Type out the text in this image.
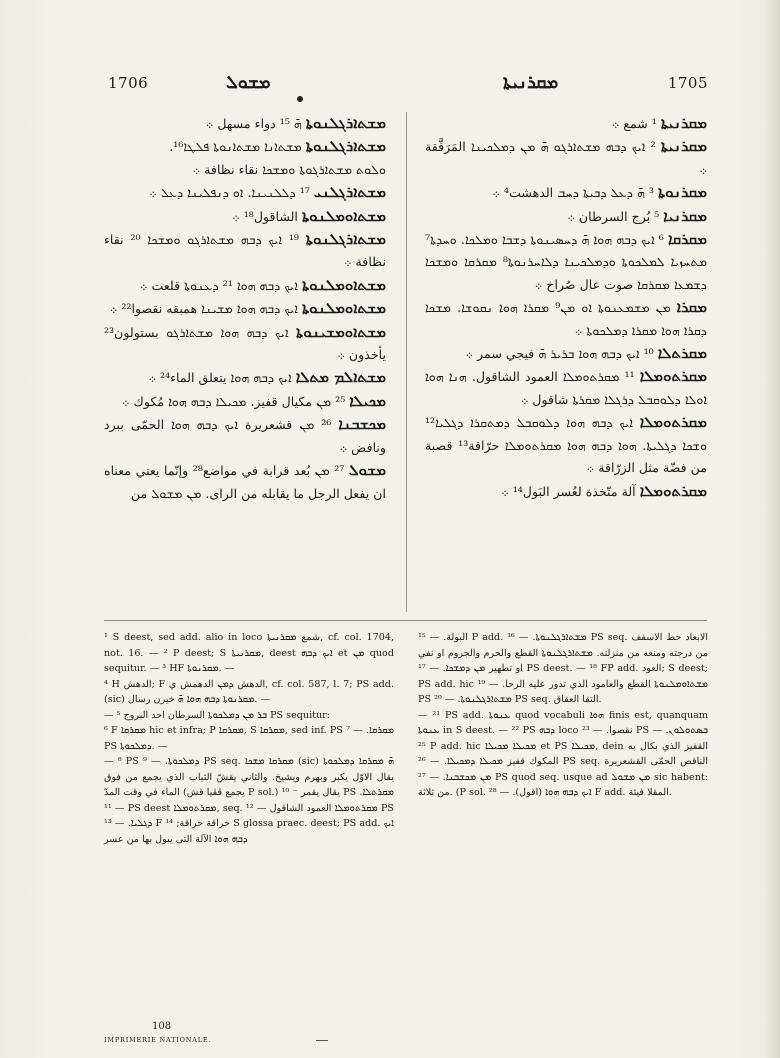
1706	ܡܫܘܠ	ܡܩܪܢܝܬܐ	1705

ܡܫܬܐܪܓܠܢܘܬܐ ܗ̄ ¹⁵ دواء مسهل ܀

ܡܫܬܐܪܓܠܢܘܬܐ ܡܫܬܐܢܐ ܡܫܬܐܢܘܬܐ ܦܠܛܐ¹⁶.

ܘܠܘܬ ܡܫܬܐܪܓܘܬܐ ܘܡܫܟܐ نقاء نظافة ܀

ܡܫܬܐܪܓܠܢܝ ¹⁷ ܕܠܠܢܝܢܐ. ܐܘ ܕܢܦܠܝܢܐ ܕܥܠ ܀

ܡܫܬܐܘܡܠܢܘܬܐ الشاقول¹⁸ ܀

ܡܫܬܐܪܓܠܢܘܬܐ ¹⁹ ܐܝܟ ܕܒܗ ܡܫܬܐܪܓܘ ܘܡܫܟܐ ²⁰ نقاء نظافة ܀

ܡܫܬܐܘܡܠܢܘܬܐ ܐܝܟ ܕܒܗ ܗܘܐ ²¹ ܕܥܢܘܬܐ قلعت ܀

ܡܫܬܐܘܡܠܢܘܬܐ ܐܝܟ ܕܒܗ ܗܘܐ ܡܫܝܢܐ همبقه نقصوا²² ܀

ܡܫܬܐܘܡܫܝܢܘܬܐ ܐܝܟ ܕܒܗ ܗܘܐ ܡܫܬܐܪܓܘ بستولون²³ يأخذون ܀

ܡܫܬܐܠܡ ܡܬܠܐ ܐܝܟ ܕܒܗ ܗܘܐ يتعلق الماء²⁴ ܀

ܡܟܝܠܐ ²⁵ ܡܢ مكيال قفيز. ܡܟܝܠܐ ܕܒܗ ܗܘܐ مُكوك ܀

ܡܟܫܒܢܐ ²⁶ ܡܢ قشعريرة ܐܝܟ ܕܒܗ ܗܘܐ الحمّى ببرد ونافض ܀

ܡܫܘܠ ²⁷ ܡܢ بُعد قرابة في مواضع²⁸ وإنّما يعني معناه ان يفعل الرجل ما يقابله من الراى. ܡܢ ܡܫܘܠ من

ܡܩܪܢܝܬܐ ¹ شمع ܀

ܡܩܪܢܝܬܐ ² ܐܝܟ ܕܒܗ ܡܫܬܐܪܓܘ ܗ̄ ܡܢ ܕܡܠܟܝܢܐ المَرَفَّقة ܀

ܡܩܪܢܘܬܐ ³ ܗ̄ ܕܥܠ ܕܒܝܬܐ ܕܚܒ الدهشت⁴ ܀

ܡܩܪܢܝܐ ⁵ بُرج السرطان ܀

ܡܩܪܩܐ ⁶ ܐܝܟ ܕܒܗ ܗܘܐ ܗ̄ ܕܚܣܝܢܘܬܐ ܕܫܒܐ ܘܡܠܟܐ. ܘܚܕܬܐ⁷ ܡܬܚܙܝܐ ܠܡܠܟܘܬܐ ܘܕܡܠܟܝܢܐ ܕܠܐܚܪܢܘܬܐ⁸ ܡܩܪܩܐ ܘܡܫܟܐ ܕܫܡܥܐ ܡܩܪܩܐ صوت عال صُراخ ܀

ܡܩܪܐ ܡܢ ܡܫܡܥܢܘܬܐ ܐܘ ܡܢ⁹ ܡܩܪܐ ܗܘܐ ܢܩܘܫܐ. ܡܫܟܐ ܕܩܪܐ ܗܘܐ ܡܩܪܐ ܕܡܠܟܘܬܐ ܀

ܡܩܪܬܠܐ ¹⁰ ܐܝܟ ܕܒܗ ܗܘܐ ܒܪܝܪ ܗ̄ فيجي سمر ܀

ܡܩܪܬܘܡܠܐ ¹¹ ܡܩܪܬܘܡܠܐ العمود الشاقول. ܗܢܐ ܗܘܐ ܐܘܠܐ ܕܠܘܩܒܠ ܕܪܓܠܐ ܡܩܪܬܐ شاقول ܀

ܡܩܪܬܘܡܠܐ ܐܝܟ ܕܒܗ ܗܘܐ ܕܠܘܩܒܠ ܕܡܬܩܪܐ ܕܓܠܝܐ¹² ܘܫܟܐ ܕܓܠܝܬܐ. ܗܘܐ ܕܒܗ ܗܘܐ ܡܩܪܬܘܡܠܐ حرّاقة¹³ قصبة من فضّة مثل الزرّاقة ܀

ܡܩܪܬܘܡܠܐ آلة متّخذة لعُسر البَول¹⁴ ܀

¹ S deest, sed add. alio in loco شمع ܡܩܪܢܝܬܐ, cf. col. 1704, not. 16. — ² P deest; S ܡܩܪܢܝܬܐ, deest ܐܝܟ ܕܒܗ et ܡܢ quod sequitur. — ³ HF ܡܩܪܢܘܬܐ. —

⁴ H الدهش; F الدهش ܕܡܢ الدهمش ي, cf. col. 587, l. 7; PS add. (sic) ܡܩܪܢܘܬܐ ܕܒܗ ܗܘܐ ܗ̄ خيرن رسال. —

— ܒܪ ܡܢ ܕܡܠܟܘܬܐ السرطان احد البروج ⁵ PS sequitur:

⁶ F ܡܩܪܩܐ hic et infra; P ܡܩܪܩܐ, S ܡܩܪܩܐ, sed inf. PS ܡܩܪܩܐ. — ⁷ PS ܕܡܠܟܘܬܐ. —

— ⁸ PS ܕܡܠܟܘܬܐ. — ⁹ PS seq. ܡܩܪܩܐ ܡܫܟܐ (sic) ܗ̄ ܡܩܪܩܐ ܕܡܠܟܘܬܐ يقال الاوّل يكبر وبهرم ويشيخ. والثاني يقشّ الثياب الذي يجمع من فوق الماء في وقت المدّ (يجمع ڤڨيا قش P sol.) يقال يقمر ⁻ ¹⁰ PS ܡܩܪܬܠܐ. — ¹¹ PS deest ܡܩܪܬܘܡܠܐ, seq. ܡܩܪܬܘܡܠܐ العمود الشاقول — ¹² PS ܕܓܠܝܐ. — ¹³ F خراقة حراقة; ¹⁴ S glossa praec. deest; PS add. ܐܝܟ ܕܒܗ ܗܘܐ الآلة التى يبول بها من عسر

البولة. — ¹⁵ P add. ܡܫܬܐܪܓܠܢܘܬܐ. — ¹⁶ PS seq. الابعاد حط الاسفف من درجته ومنعه من منزلته. ܡܫܬܐܪܓܠܢܘܬܐ القطع والحرم والجروم او نفي او تطهير ܡܢ ܕܡܫܟܐ. — ¹⁷ PS deest. — ¹⁸ FP add. العود; S deest; PS add. hic ܡܫܬܐܘܡܠܢܘܬܐ القطع والعامود الذي تدور عليه الرحا. — ¹⁹ PS ܡܫܬܐܪܓܠܢܘܬܐ. — ²⁰ PS seq. التقا العقاق.

— ²¹ PS add. ܥܢܘܬܐ quod vocabuli ܗܘܐ finis est, quanquam ܥܢܘܬܐ in S deest. — ²² PS ܕܒܗ loco نقصوا. — ²³ PS ܒܣܬܘܠܘܢ. — ²⁵ P add. hic ܡܟܝܠܐ ܡܟܝܠܐ et PS ܡܟܝܠܐ, dein القفيز الذي بكال به المكوك قفيز ܡܟܝܠܐ ܕܡܟܝܠܐ. — ²⁶ PS seq. الناقص الحمّى القشعريرة ܡܢ ܡܟܫܒܢܐ. — ²⁷ PS quod seq. usque ad ܡܢ ܡܫܘܠ sic habent: من ثلاثة. (P sol. ܐܝܟ ܕܒܗ ܗܘܐ (اقول). — ²⁸ F add. المقلا فيئة.

108
IMPRIMERIE NATIONALE.
